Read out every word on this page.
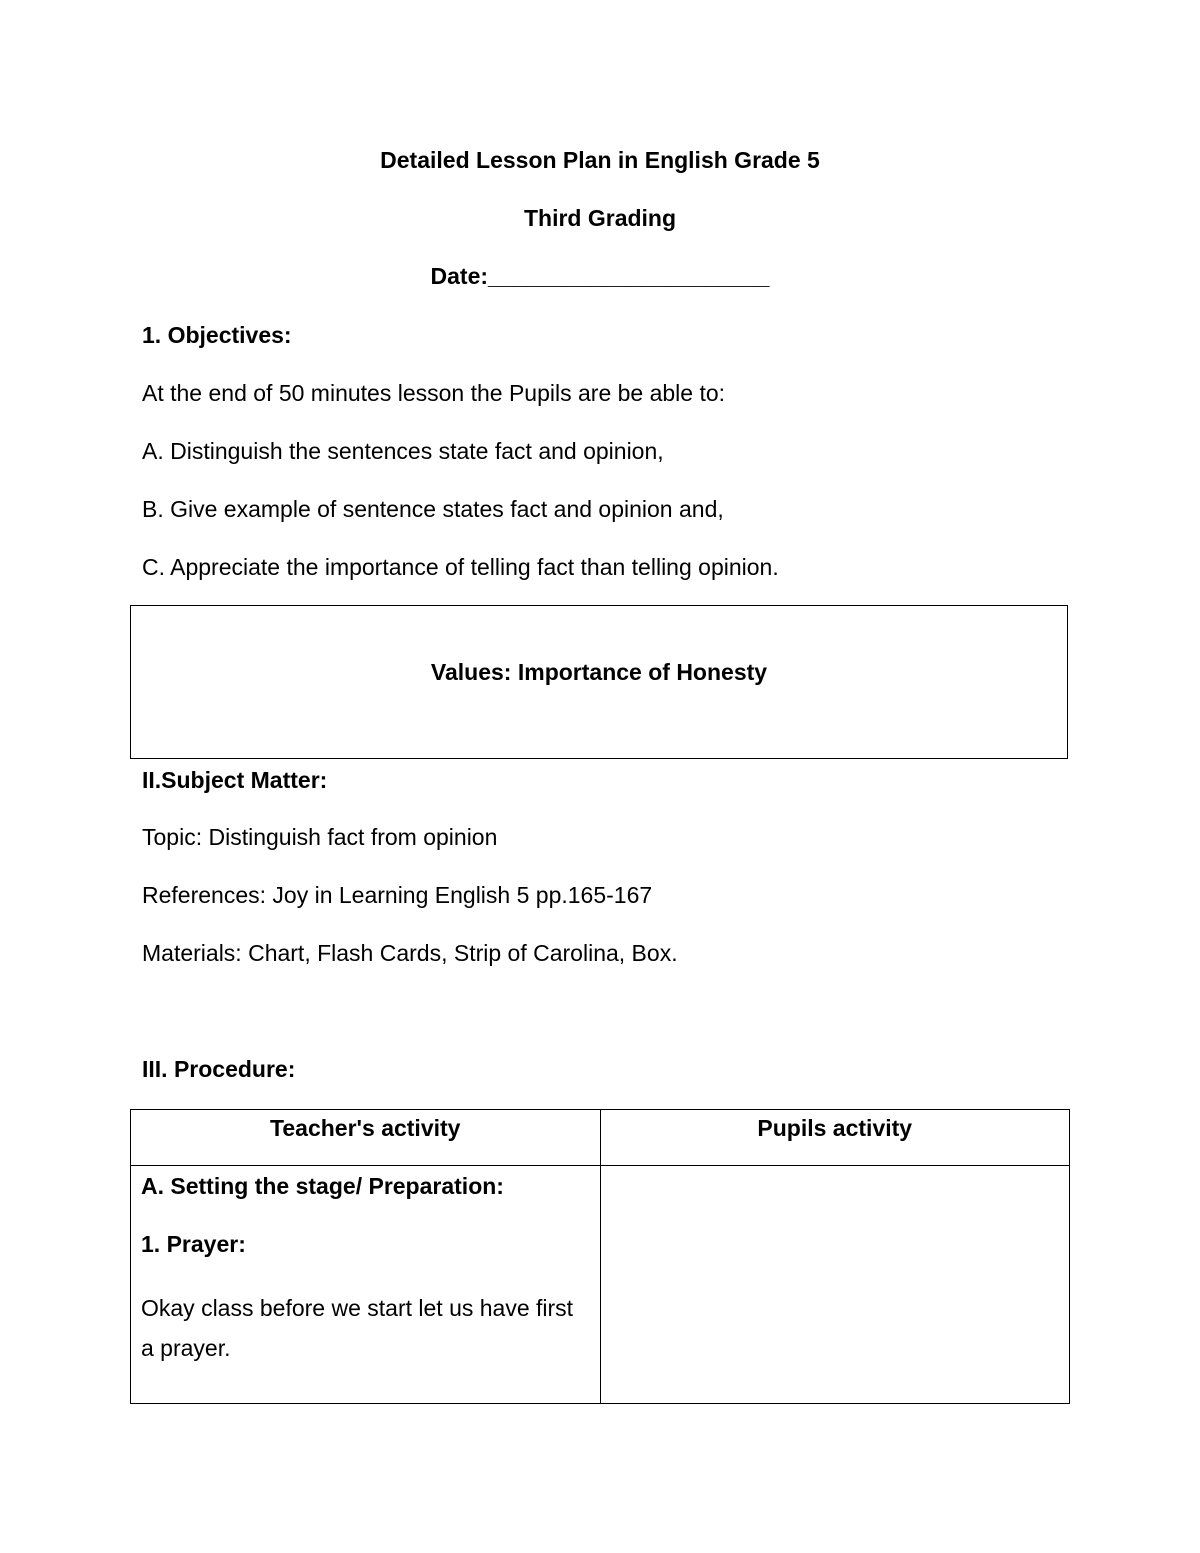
Detailed Lesson Plan in English Grade 5
Third Grading
Date:______________________
1. Objectives:
At the end of 50 minutes lesson the Pupils are be able to:
A. Distinguish the sentences state fact and opinion,
B. Give example of sentence states fact and opinion and,
C. Appreciate the importance of telling fact than telling opinion.
Values: Importance of Honesty
II.Subject Matter:
Topic: Distinguish fact from opinion
References: Joy in Learning English 5 pp.165-167
Materials: Chart, Flash Cards, Strip of Carolina, Box.
III. Procedure:
Teacher's activity	Pupils activity

A. Setting the stage/ Preparation:
1. Prayer:
Okay class before we start let us have first a prayer.	
